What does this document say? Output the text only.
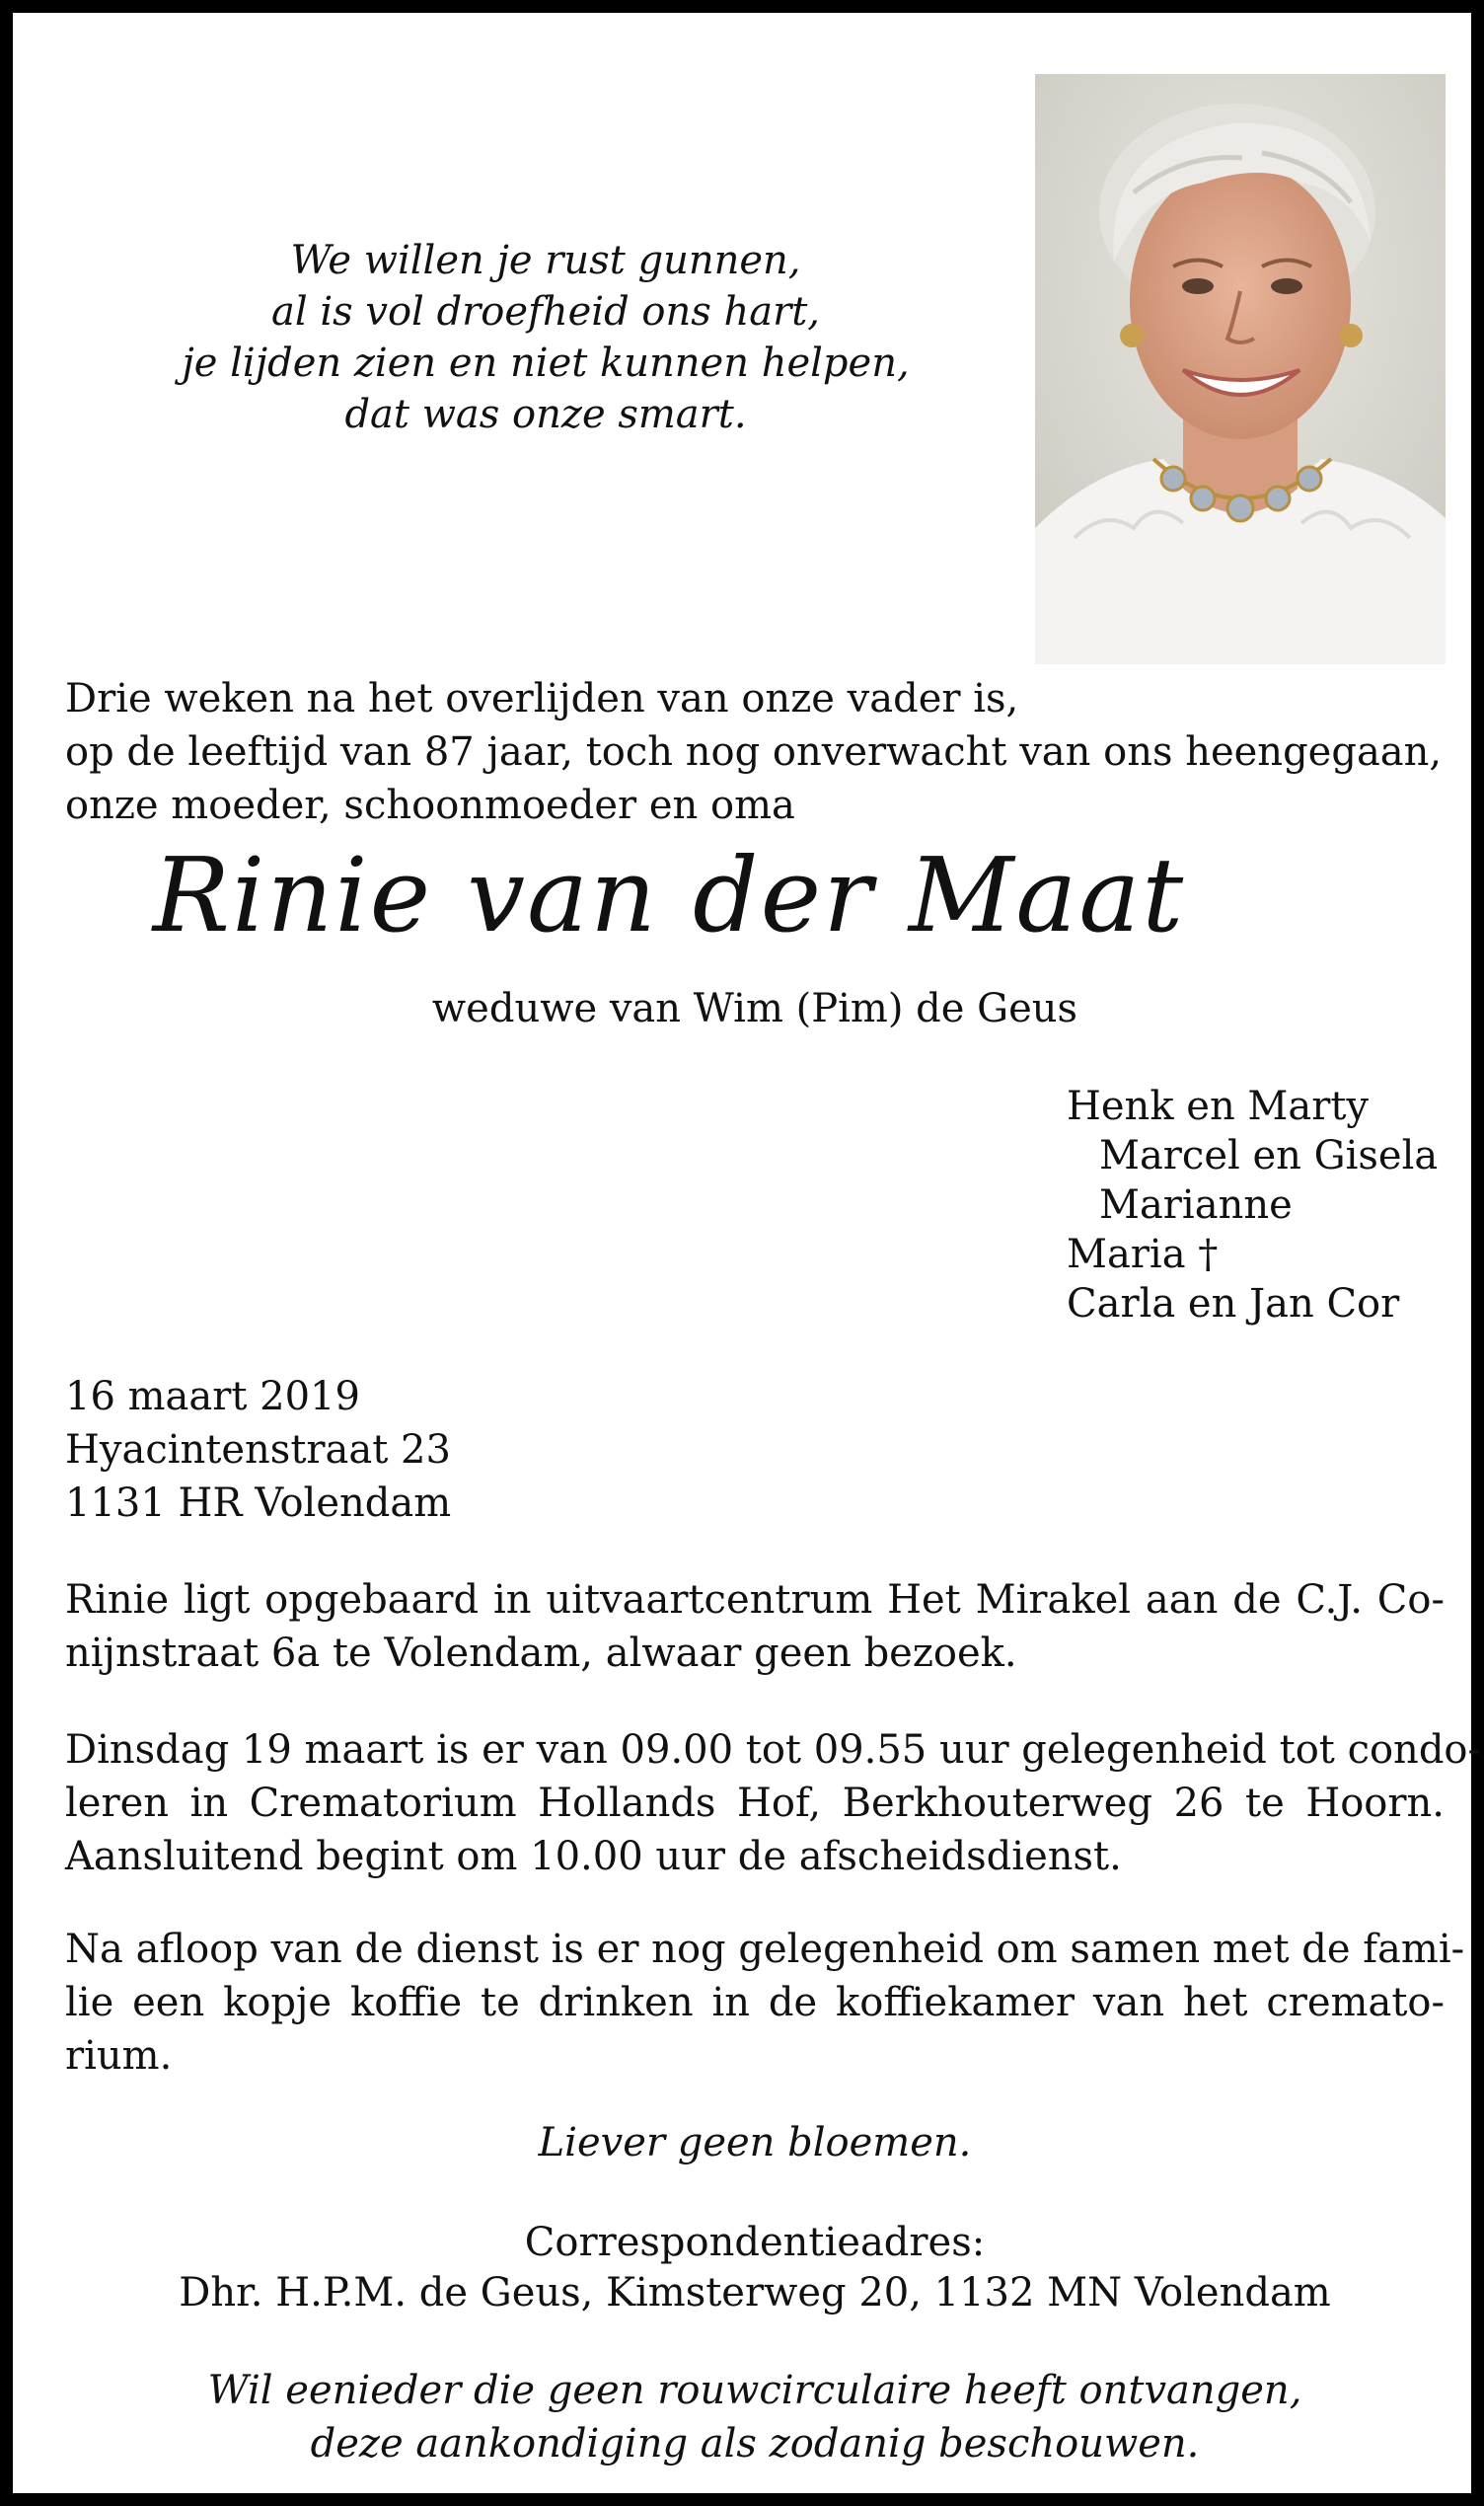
We willen je rust gunnen,
al is vol droefheid ons hart,
je lijden zien en niet kunnen helpen,
dat was onze smart.
Drie weken na het overlijden van onze vader is,
op de leeftijd van 87 jaar, toch nog onverwacht van ons heengegaan,
onze moeder, schoonmoeder en oma
Rinie van der Maat
weduwe van Wim (Pim) de Geus
Henk en Marty
Marcel en Gisela
Marianne
Maria †
Carla en Jan Cor
16 maart 2019
Hyacintenstraat 23
1131 HR Volendam
Rinie ligt opgebaard in uitvaartcentrum Het Mirakel aan de C.J. Co-
nijnstraat 6a te Volendam, alwaar geen bezoek.
Dinsdag 19 maart is er van 09.00 tot 09.55 uur gelegenheid tot condo-
leren in Crematorium Hollands Hof, Berkhouterweg 26 te Hoorn.
Aansluitend begint om 10.00 uur de afscheidsdienst.
Na afloop van de dienst is er nog gelegenheid om samen met de fami-
lie een kopje koffie te drinken in de koffiekamer van het cremato-
rium.
Liever geen bloemen.
Correspondentieadres:
Dhr. H.P.M. de Geus, Kimsterweg 20, 1132 MN Volendam
Wil eenieder die geen rouwcirculaire heeft ontvangen,
deze aankondiging als zodanig beschouwen.
